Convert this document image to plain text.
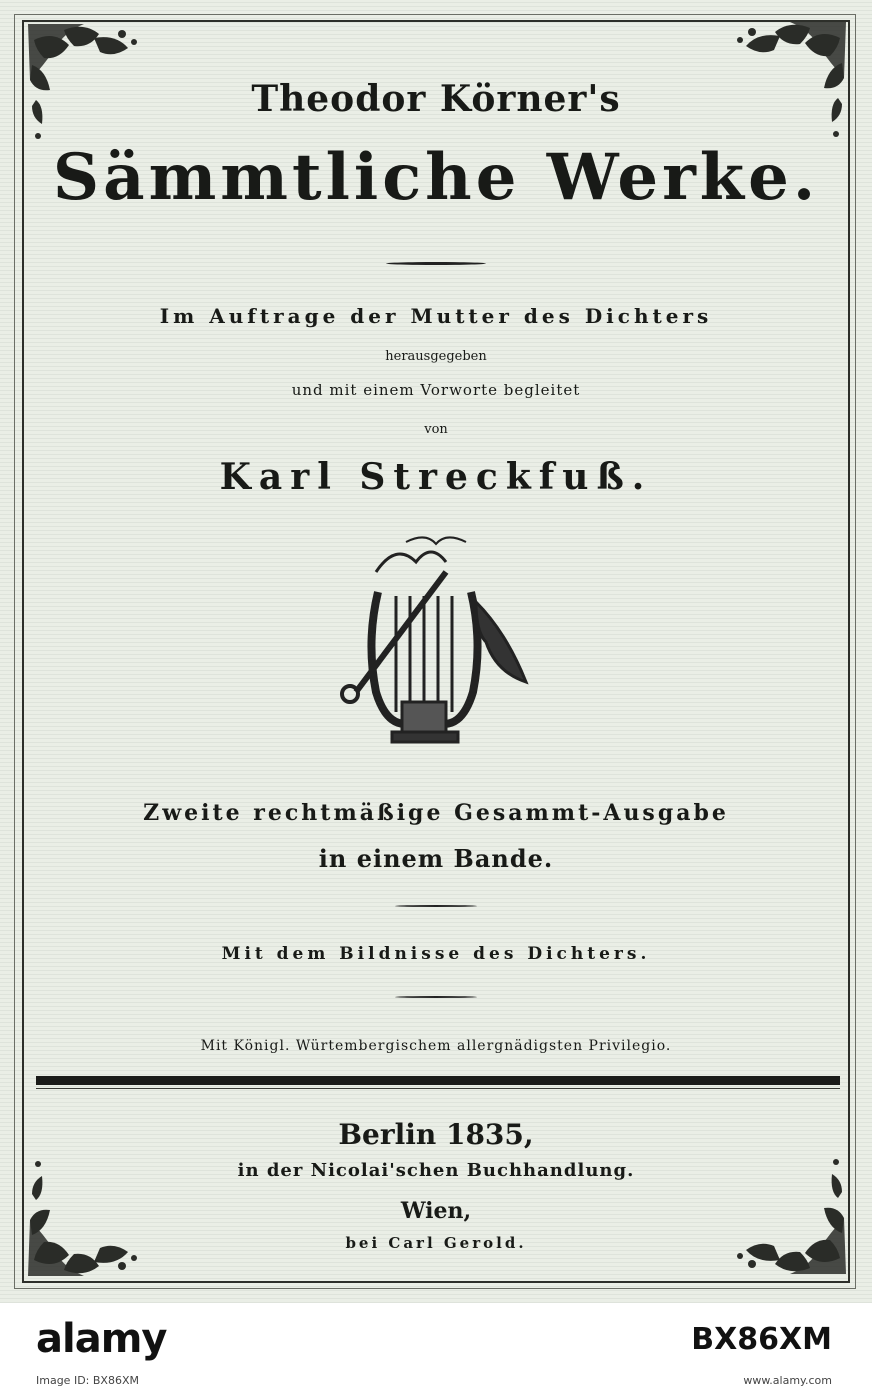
Theodor Körner's
Sämmtliche Werke.
Im Auftrage der Mutter des Dichters
herausgegeben
und mit einem Vorworte begleitet
von
Karl Streckfuß.
Zweite rechtmäßige Gesammt-Ausgabe
in einem Bande.
Mit dem Bildnisse des Dichters.
Mit Königl. Würtembergischem allergnädigsten Privilegio.
Berlin 1835,
in der Nicolai'schen Buchhandlung.
Wien,
bei Carl Gerold.
alamy
Image ID: BX86XM
BX86XM
www.alamy.com
